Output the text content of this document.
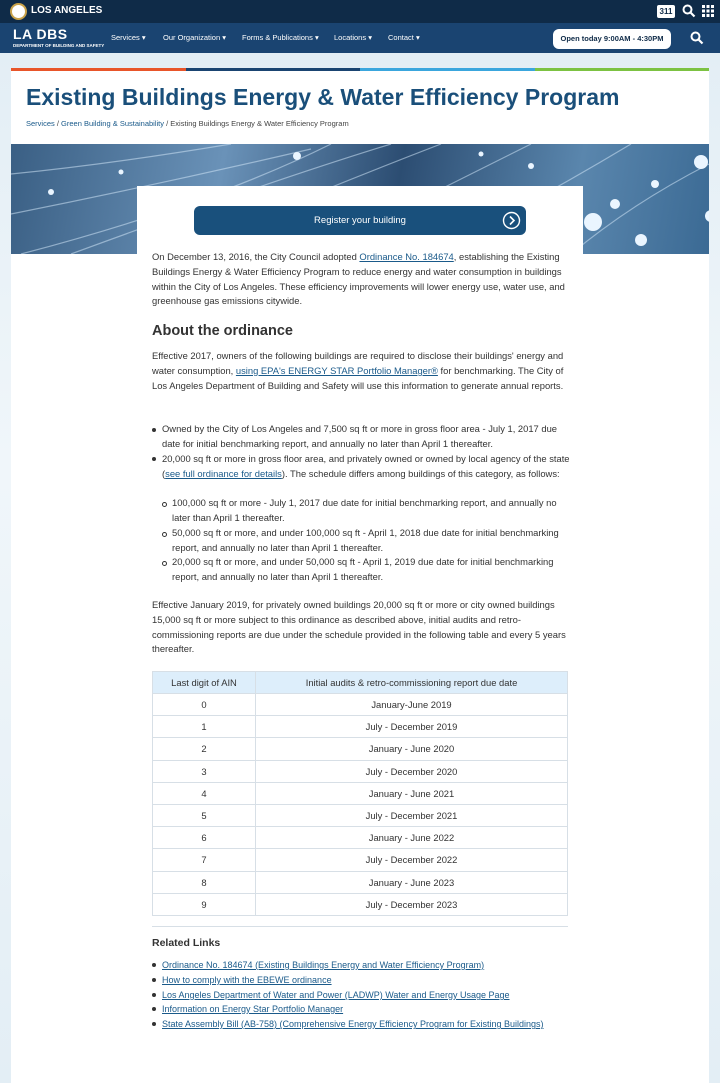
LOS ANGELES	311
LA DBS
DEPARTMENT OF BUILDING AND SAFETY
Services ▾ Our Organization ▾ Forms & Publications ▾ Locations ▾ Contact ▾	Open today 9:00AM - 4:30PM
Existing Buildings Energy & Water Efficiency Program
Services / Green Building & Sustainability / Existing Buildings Energy & Water Efficiency Program
Register your building

On December 13, 2016, the City Council adopted Ordinance No. 184674, establishing the Existing Buildings Energy & Water Efficiency Program to reduce energy and water consumption in buildings within the City of Los Angeles. These efficiency improvements will lower energy use, water use, and greenhouse gas emissions citywide.

About the ordinance

Effective 2017, owners of the following buildings are required to disclose their buildings' energy and water consumption, using EPA's ENERGY STAR Portfolio Manager® for benchmarking. The City of Los Angeles Department of Building and Safety will use this information to generate annual reports.

Owned by the City of Los Angeles and 7,500 sq ft or more in gross floor area - July 1, 2017 due date for initial benchmarking report, and annually no later than April 1 thereafter.
20,000 sq ft or more in gross floor area, and privately owned or owned by local agency of the state (see full ordinance for details). The schedule differs among buildings of this category, as follows:
100,000 sq ft or more - July 1, 2017 due date for initial benchmarking report, and annually no later than April 1 thereafter.
50,000 sq ft or more, and under 100,000 sq ft - April 1, 2018 due date for initial benchmarking report, and annually no later than April 1 thereafter.
20,000 sq ft or more, and under 50,000 sq ft - April 1, 2019 due date for initial benchmarking report, and annually no later than April 1 thereafter.

Effective January 2019, for privately owned buildings 20,000 sq ft or more or city owned buildings 15,000 sq ft or more subject to this ordinance as described above, initial audits and retro-commissioning reports are due under the schedule provided in the following table and every 5 years thereafter.

Last digit of AIN	Initial audits & retro-commissioning report due date
0	January-June 2019
1	July - December 2019
2	January - June 2020
3	July - December 2020
4	January - June 2021
5	July - December 2021
6	January - June 2022
7	July - December 2022
8	January - June 2023
9	July - December 2023
Related Links
Ordinance No. 184674 (Existing Buildings Energy and Water Efficiency Program)
How to comply with the EBEWE ordinance
Los Angeles Department of Water and Power (LADWP) Water and Energy Usage Page
Information on Energy Star Portfolio Manager
State Assembly Bill (AB-758) (Comprehensive Energy Efficiency Program for Existing Buildings)
